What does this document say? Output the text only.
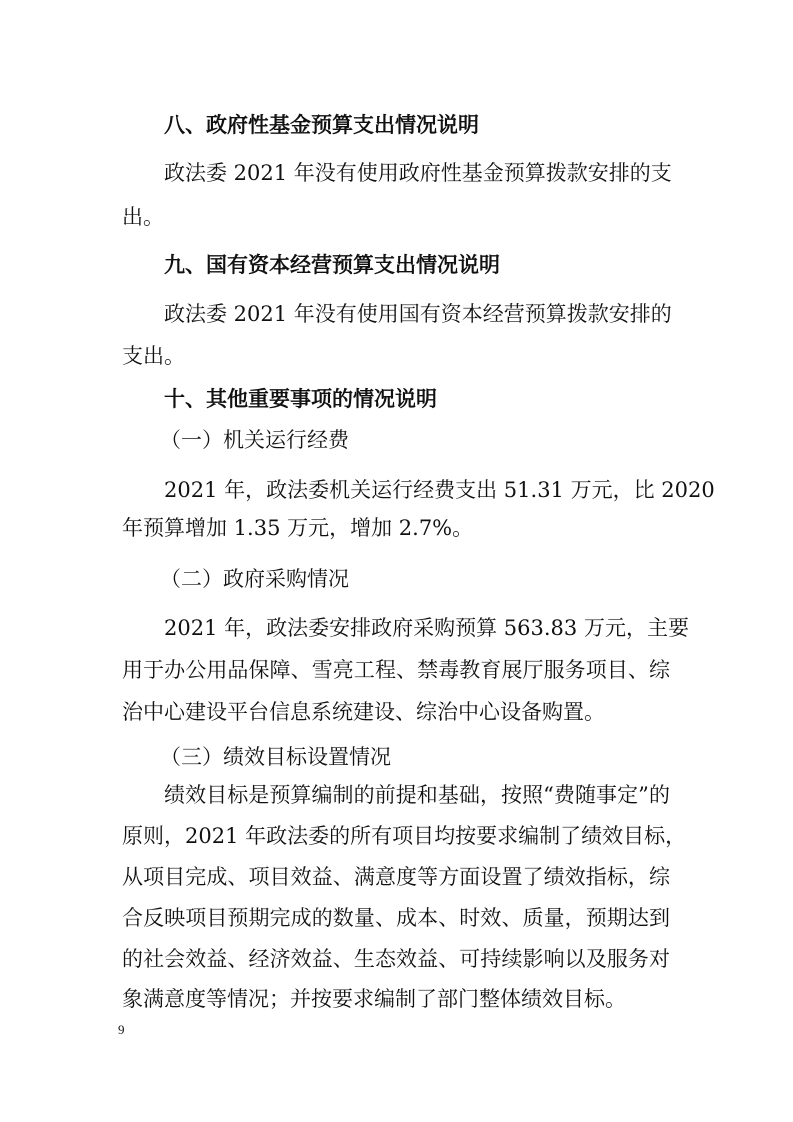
八、政府性基金预算支出情况说明
政法委 2021 年没有使用政府性基金预算拨款安排的支
出。
九、国有资本经营预算支出情况说明
政法委 2021 年没有使用国有资本经营预算拨款安排的
支出。
十、其他重要事项的情况说明
（一）机关运行经费
2021 年，政法委机关运行经费支出 51.31 万元，比 2020
年预算增加 1.35 万元，增加 2.7%。
（二）政府采购情况
2021 年，政法委安排政府采购预算 563.83 万元，主要
用于办公用品保障、雪亮工程、禁毒教育展厅服务项目、综
治中心建设平台信息系统建设、综治中心设备购置。
（三）绩效目标设置情况
绩效目标是预算编制的前提和基础，按照“费随事定”的
原则，2021 年政法委的所有项目均按要求编制了绩效目标，
从项目完成、项目效益、满意度等方面设置了绩效指标，综
合反映项目预期完成的数量、成本、时效、质量，预期达到
的社会效益、经济效益、生态效益、可持续影响以及服务对
象满意度等情况；并按要求编制了部门整体绩效目标。
9
